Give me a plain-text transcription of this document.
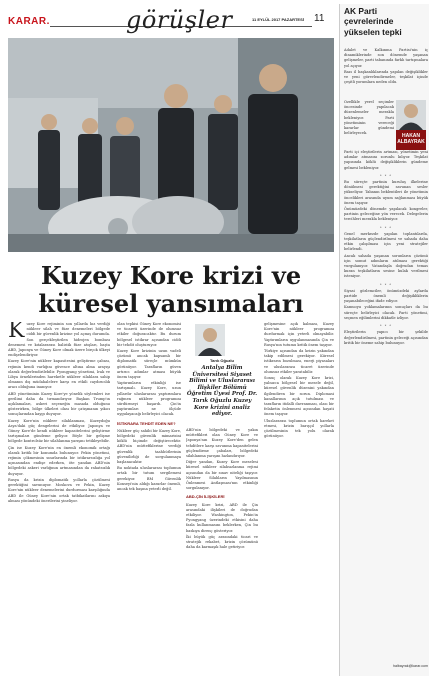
KARAR.	görüşler	11 EYLÜL 2017 PAZARTESİ 11
Kuzey Kore krizi ve
küresel yansımaları

Kuzey Kore rejiminin son yıllarda hız verdiği nükleer silah ve füze denemeleri bölgede ciddi bir güvenlik krizine yol açmış durumda. Son gerçekleştirilen hidrojen bombası denemesi ve kıtalararası balistik füze atışları, başta ABD, Japonya ve Güney Kore olmak üzere birçok ülkeyi endişelendiriyor.

Kuzey Kore'nin nükleer kapasitesini geliştirme çabası, rejimin kendi varlığını güvence altına alma arayışı olarak değerlendirilebilir. Pyongyang yönetimi, Irak ve Libya örneklerinden hareketle nükleer silahlara sahip olmanın dış müdahalelere karşı en etkili caydırıcılık aracı olduğuna inanıyor.

ABD yönetiminin Kuzey Kore'ye yönelik söylemleri ise gerilimi daha da tırmandırıyor. Başkan Trump'ın açıklamaları, askeri seçeneğin masada olduğunu gösterirken, bölge ülkeleri olası bir çatışmanın yıkıcı sonuçlarından kaygı duyuyor.

Kuzey Kore'nin nükleer silahlanması, Kuzeydoğu Asya'daki güç dengelerini de etkiliyor. Japonya ve Güney Kore'de kendi nükleer kapasitelerini geliştirme tartışmaları gündeme geliyor. Böyle bir gelişme bölgede kontrolsüz bir silahlanma yarışını tetikleyebilir.

Çin ise Kuzey Kore'nin en önemli ekonomik ortağı olarak kritik bir konumda bulunuyor. Pekin yönetimi, rejimin çökmesinin sınırlarında bir istikrarsızlığa yol açmasından endişe ederken, öte yandan ABD'nin bölgedeki askeri varlığının artmasından da rahatsızlık duyuyor.

Rusya da krizin diplomatik yollarla çözülmesi gerektiğini savunuyor. Moskova ve Pekin, Kuzey Kore'nin nükleer denemelerini durdurması karşılığında ABD ile Güney Kore'nin ortak tatbikatlarını askıya alması yönündeki önerilerini yineliyor.

olan tepkisi Güney Kore ekonomisi ve ticareti üzerinde de olumsuz etkiler doğuracaktır. Bu durum bölgesel istikrar açısından ciddi bir tehdit oluşturuyor.

Kuzey Kore krizinin uzun vadeli çözümü ancak kapsamlı bir diplomatik süreçle mümkün görünüyor. Tarafların güven artırıcı adımlar atması büyük önem taşıyor.

Yaptırımların etkinliği ise tartışmalı. Kuzey Kore, uzun yıllardır uluslararası yaptırımlara rağmen nükleer programını sürdürmeyi başardı. Çin'in yaptırımları ne ölçüde uygulayacağı belirleyici olacak.

İSTİKRARA TEHDİT EDEN NE?

Nükleer güç sahibi bir Kuzey Kore, bölgedeki güvenlik mimarisini köklü biçimde değiştirecektir. ABD'nin müttefiklerine verdiği güvenlik taahhütlerinin güvenilirliği de sorgulanmaya başlanacaktır.

Bu noktada uluslararası toplumun ortak bir tutum sergilemesi gerekiyor. BM Güvenlik Konseyi'nin aldığı kararlar önemli, ancak tek başına yeterli değil.

Tarık Oğuzlu
Antalya Bilim Üniversitesi Siyaset Bilimi ve Uluslararası İlişkiler Bölümü Öğretim Üyesi Prof. Dr. Tarık Oğuzlu Kuzey Kore krizini analiz ediyor.

ABD'nin bölgedeki ve yakın müttefikleri olan Güney Kore ve Japonya'nın Kuzey Kore'den gelen tehditlere karşı savunma kapasitelerini güçlendirme çabaları, bölgedeki silahlanma yarışını hızlandırıyor.

Diğer yandan, Kuzey Kore meselesi küresel nükleer silahsızlanma rejimi açısından da bir sınav niteliği taşıyor. Nükleer Silahların Yayılmasının Önlenmesi Antlaşması'nın etkinliği sorgulanıyor.

ABD-ÇİN İLİŞKİLERİ

Kuzey Kore krizi, ABD ile Çin arasındaki ilişkileri de doğrudan etkiliyor. Washington, Pekin'in Pyongyang üzerindeki etkisini daha fazla kullanmasını beklerken, Çin bu baskıya direnç gösteriyor.

İki büyük güç arasındaki ticari ve stratejik rekabet, krizin çözümünü daha da karmaşık hale getiriyor.

gelişmesine açık kalması, Kuzey Kore'nin nükleer programını durdurmak için yeterli olmayabilir. Yaptırımların uygulanmasında Çin ve Rusya'nın tutumu kritik önem taşıyor.

Türkiye açısından da krizin yakından takip edilmesi gerekiyor. Küresel istikrarın bozulması, enerji piyasaları ve uluslararası ticaret üzerinde olumsuz etkiler yaratabilir.

Sonuç olarak Kuzey Kore krizi, yalnızca bölgesel bir mesele değil, küresel güvenlik düzenini yakından ilgilendiren bir sorun. Diplomasi kanallarının açık tutulması ve tarafların itidalli davranması, olası bir felaketin önlenmesi açısından hayati önem taşıyor.

Uluslararası toplumun ortak hareket etmesi, krizin barışçıl yollarla çözülmesinin tek yolu olarak görünüyor.

AK Parti çevrelerinde yükselen tepki

Adalet ve Kalkınma Partisi'nin iç dinamiklerinde son dönemde yaşanan gelişmeler, parti tabanında farklı tartışmalara yol açıyor.

Bazı il başkanlıklarında yapılan değişiklikler ve yeni görevlendirmeler, teşkilat içinde çeşitli yorumlara neden oldu.

Özellikle yerel seçimler öncesinde yapılacak düzenlemeler merakla bekleniyor. Parti yönetiminin vereceği kararlar gündemi belirleyecek.	HAKAN ALBAYRAK

Parti içi eleştirilerin artması, yönetimin yeni adımlar atmasını zorunlu kılıyor. Teşkilat yapısında köklü değişikliklerin gündeme gelmesi bekleniyor.

* * *

Bu süreçte partinin kuruluş ilkelerine dönülmesi gerektiğini savunan sesler yükseliyor. Tabanın beklentileri ile yönetimin öncelikleri arasında uyum sağlanması büyük önem taşıyor.

Önümüzdeki dönemde yapılacak kongreler, partinin geleceğine yön verecek. Delegelerin tercihleri merakla bekleniyor.

* * *

Genel merkezde yapılan toplantılarda, teşkilatların güçlendirilmesi ve sahada daha etkin çalışılması için yeni stratejiler belirlendi.

Ancak sahada yaşanan sorunların çözümü için somut adımların atılması gerektiği vurgulanıyor. Vatandaşla doğrudan temas kuran teşkilatların sesine kulak verilmesi isteniyor.

* * *

Siyasi gözlemciler, önümüzdeki aylarda partide önemli değişikliklerin yaşanabileceğini ifade ediyor.

Kamuoyu yoklamalarının sonuçları da bu süreçte belirleyici olacak. Parti yönetimi, seçmen eğilimlerini dikkatle izliyor.

* * *

Eleştirilerin yapıcı bir şekilde değerlendirilmesi, partinin geleceği açısından kritik bir öneme sahip bulunuyor.

halbayrak@karar.com
